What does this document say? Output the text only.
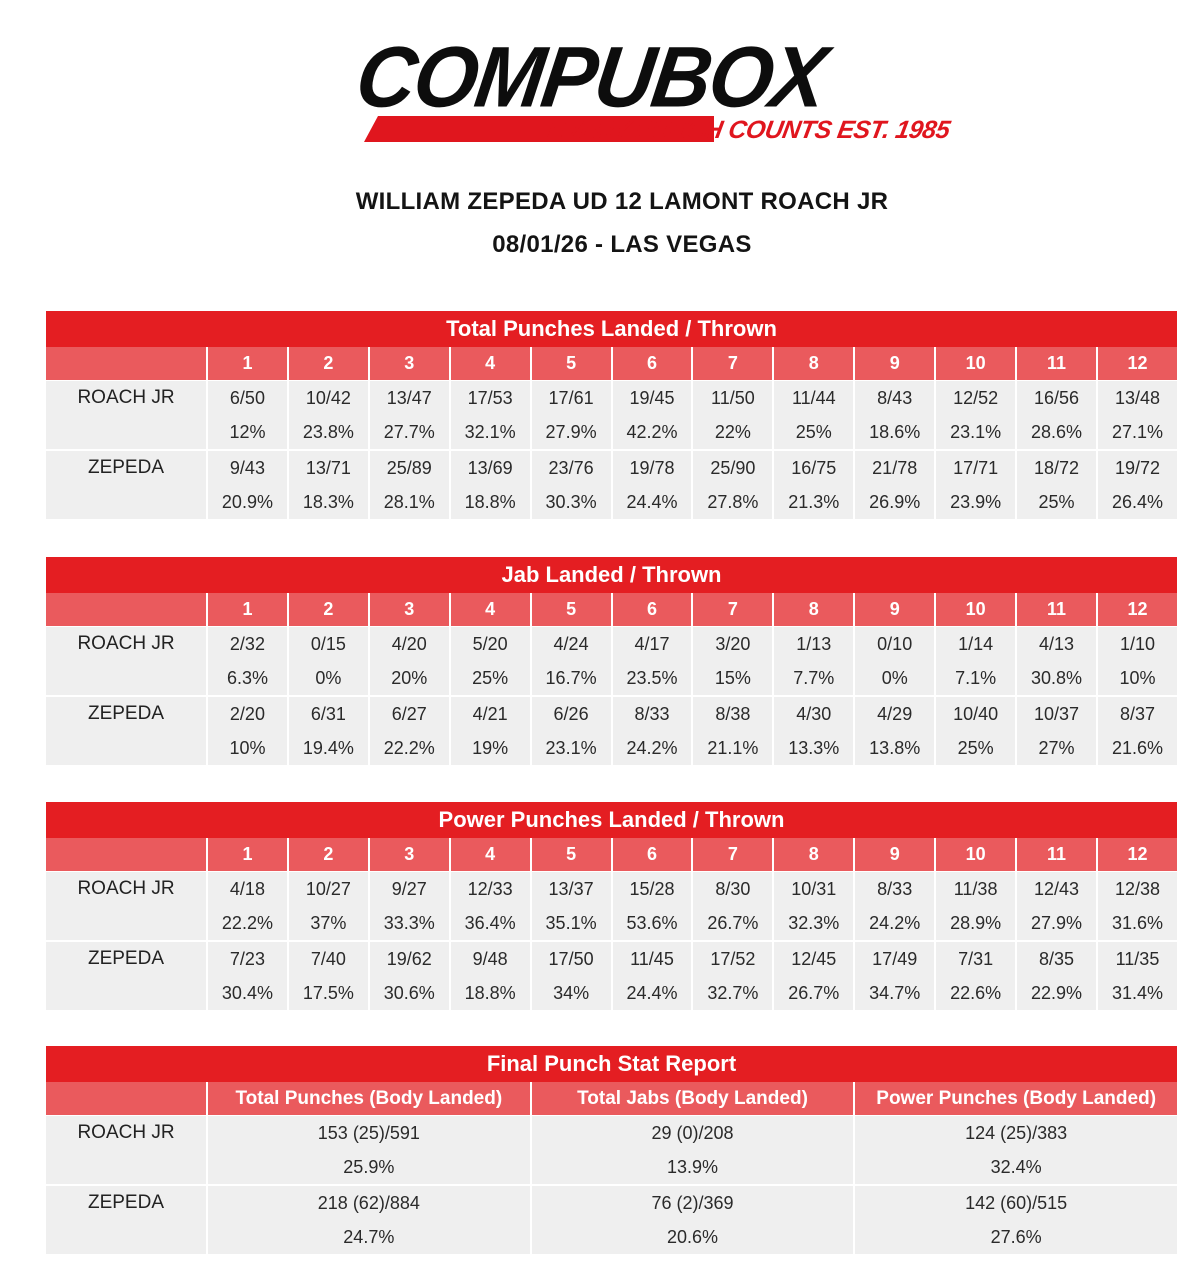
COMPUBOX
EVERY PUNCH COUNTS EST. 1985
WILLIAM ZEPEDA UD 12 LAMONT ROACH JR
08/01/26 - LAS VEGAS
Total Punches Landed / Thrown												
	1	2	3	4	5	6	7	8	9	10	11	12
ROACH JR	6/50	10/42	13/47	17/53	17/61	19/45	11/50	11/44	8/43	12/52	16/56	13/48
	12%	23.8%	27.7%	32.1%	27.9%	42.2%	22%	25%	18.6%	23.1%	28.6%	27.1%
ZEPEDA	9/43	13/71	25/89	13/69	23/76	19/78	25/90	16/75	21/78	17/71	18/72	19/72
	20.9%	18.3%	28.1%	18.8%	30.3%	24.4%	27.8%	21.3%	26.9%	23.9%	25%	26.4%
Jab Landed / Thrown												
	1	2	3	4	5	6	7	8	9	10	11	12
ROACH JR	2/32	0/15	4/20	5/20	4/24	4/17	3/20	1/13	0/10	1/14	4/13	1/10
	6.3%	0%	20%	25%	16.7%	23.5%	15%	7.7%	0%	7.1%	30.8%	10%
ZEPEDA	2/20	6/31	6/27	4/21	6/26	8/33	8/38	4/30	4/29	10/40	10/37	8/37
	10%	19.4%	22.2%	19%	23.1%	24.2%	21.1%	13.3%	13.8%	25%	27%	21.6%
Power Punches Landed / Thrown												
	1	2	3	4	5	6	7	8	9	10	11	12
ROACH JR	4/18	10/27	9/27	12/33	13/37	15/28	8/30	10/31	8/33	11/38	12/43	12/38
	22.2%	37%	33.3%	36.4%	35.1%	53.6%	26.7%	32.3%	24.2%	28.9%	27.9%	31.6%
ZEPEDA	7/23	7/40	19/62	9/48	17/50	11/45	17/52	12/45	17/49	7/31	8/35	11/35
	30.4%	17.5%	30.6%	18.8%	34%	24.4%	32.7%	26.7%	34.7%	22.6%	22.9%	31.4%
Final Punch Stat Report			
	Total Punches (Body Landed)	Total Jabs (Body Landed)	Power Punches (Body Landed)
ROACH JR	153 (25)/591	29 (0)/208	124 (25)/383
	25.9%	13.9%	32.4%
ZEPEDA	218 (62)/884	76 (2)/369	142 (60)/515
	24.7%	20.6%	27.6%
